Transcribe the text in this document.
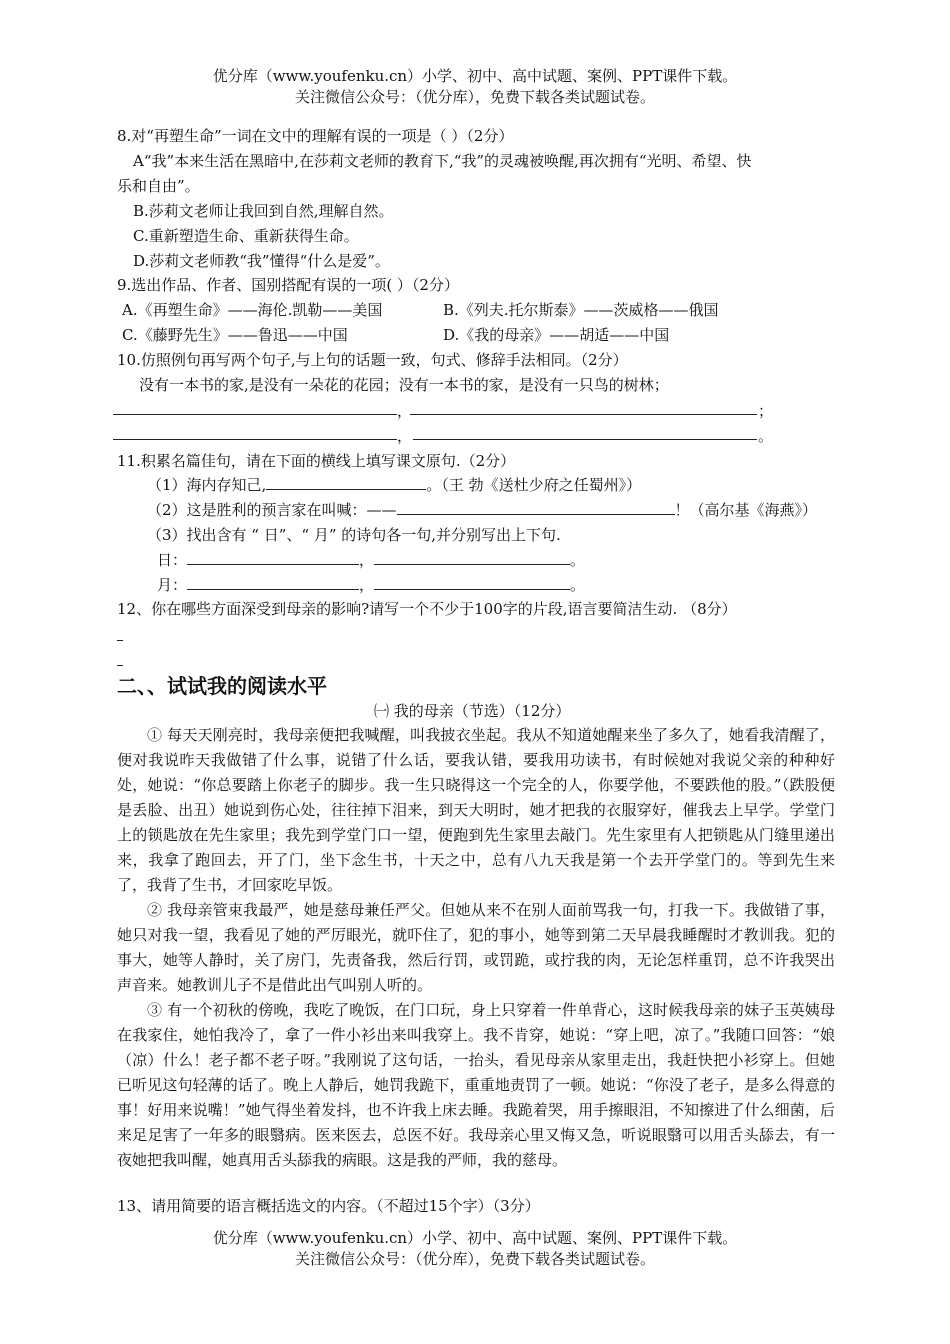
优分库（www.youfenku.cn）小学、初中、高中试题、案例、PPT课件下载。
关注微信公众号：（优分库），免费下载各类试题试卷。
8.对“再塑生命”一词在文中的理解有误的一项是（ ）（2分）
A“我”本来生活在黑暗中,在莎莉文老师的教育下,“我”的灵魂被唤醒,再次拥有“光明、希望、快
乐和自由”。
B.莎莉文老师让我回到自然,理解自然。
C.重新塑造生命、重新获得生命。
D.莎莉文老师教“我”懂得“什么是爱”。
9.选出作品、作者、国别搭配有误的一项( ）（2分）
A.《再塑生命》——海伦.凯勒——美国	B.《列夫.托尔斯泰》——茨威格——俄国
C.《藤野先生》——鲁迅——中国	D.《我的母亲》——胡适——中国
10.仿照例句再写两个句子,与上句的话题一致，句式、修辞手法相同。（2分）
没有一本书的家,是没有一朵花的花园；没有一本书的家，是没有一只鸟的树林；
，	；
，	。
11.积累名篇佳句，请在下面的横线上填写课文原句.（2分）
（1）海内存知己,	。（王 勃《送杜少府之任蜀州》）
（2）这是胜利的预言家在叫喊：——	！（高尔基《海燕》）
（3）找出含有 “ 日”、“ 月” 的诗句各一句,并分别写出上下句.
日：	，	。
月：	，	。
12、你在哪些方面深受到母亲的影响?请写一个不少于100字的片段,语言要简洁生动. （8分）
二、、试试我的阅读水平
㈠ 我的母亲（节选）（12分）

① 每天天刚亮时，我母亲便把我喊醒，叫我披衣坐起。我从不知道她醒来坐了多久了，她看我清醒了，便对我说昨天我做错了什么事，说错了什么话，要我认错，要我用功读书，有时候她对我说父亲的种种好处，她说：“你总要踏上你老子的脚步。我一生只晓得这一个完全的人，你要学他，不要跌他的股。”（跌股便是丢脸、出丑）她说到伤心处，往往掉下泪来，到天大明时，她才把我的衣服穿好，催我去上早学。学堂门上的锁匙放在先生家里；我先到学堂门口一望，便跑到先生家里去敲门。先生家里有人把锁匙从门缝里递出来，我拿了跑回去，开了门，坐下念生书，十天之中，总有八九天我是第一个去开学堂门的。等到先生来了，我背了生书，才回家吃早饭。

② 我母亲管束我最严，她是慈母兼任严父。但她从来不在别人面前骂我一句，打我一下。我做错了事，她只对我一望，我看见了她的严厉眼光，就吓住了，犯的事小，她等到第二天早晨我睡醒时才教训我。犯的事大，她等人静时，关了房门，先责备我，然后行罚，或罚跪，或拧我的肉，无论怎样重罚，总不许我哭出声音来。她教训儿子不是借此出气叫别人听的。

③ 有一个初秋的傍晚，我吃了晚饭，在门口玩，身上只穿着一件单背心，这时候我母亲的妹子玉英姨母在我家住，她怕我冷了，拿了一件小衫出来叫我穿上。我不肯穿，她说：“穿上吧，凉了。”我随口回答：“娘（凉）什么！老子都不老子呀。”我刚说了这句话，一抬头，看见母亲从家里走出，我赶快把小衫穿上。但她已听见这句轻薄的话了。晚上人静后，她罚我跪下，重重地责罚了一顿。她说：“你没了老子，是多么得意的事！好用来说嘴！”她气得坐着发抖，也不许我上床去睡。我跪着哭，用手擦眼泪，不知擦进了什么细菌，后来足足害了一年多的眼翳病。医来医去，总医不好。我母亲心里又悔又急，听说眼翳可以用舌头舔去，有一夜她把我叫醒，她真用舌头舔我的病眼。这是我的严师，我的慈母。

13、请用简要的语言概括选文的内容。（不超过15个字）（3分）
优分库（www.youfenku.cn）小学、初中、高中试题、案例、PPT课件下载。
关注微信公众号：（优分库），免费下载各类试题试卷。
